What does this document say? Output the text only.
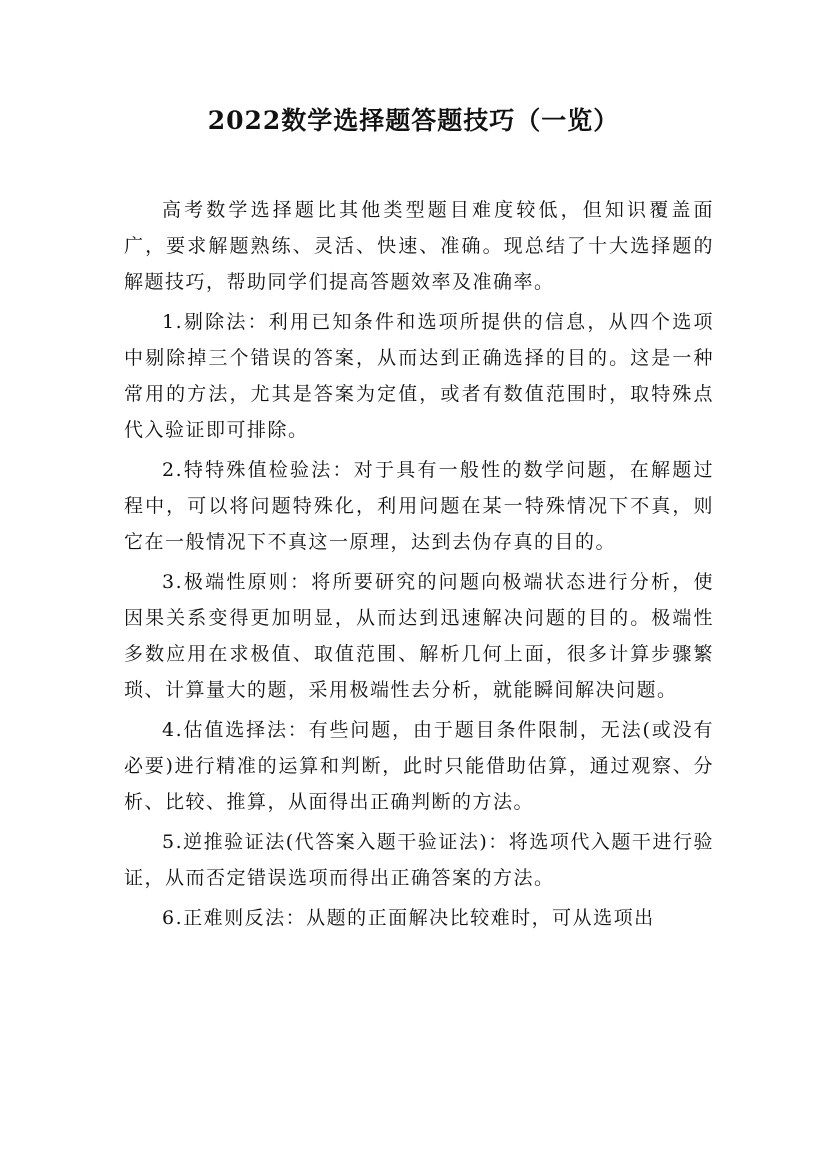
2022数学选择题答题技巧（一览）

高考数学选择题比其他类型题目难度较低，但知识覆盖面广，要求解题熟练、灵活、快速、准确。现总结了十大选择题的解题技巧，帮助同学们提高答题效率及准确率。

1.剔除法：利用已知条件和选项所提供的信息，从四个选项中剔除掉三个错误的答案，从而达到正确选择的目的。这是一种常用的方法，尤其是答案为定值，或者有数值范围时，取特殊点代入验证即可排除。

2.特特殊值检验法：对于具有一般性的数学问题，在解题过程中，可以将问题特殊化，利用问题在某一特殊情况下不真，则它在一般情况下不真这一原理，达到去伪存真的目的。

3.极端性原则：将所要研究的问题向极端状态进行分析，使因果关系变得更加明显，从而达到迅速解决问题的目的。极端性多数应用在求极值、取值范围、解析几何上面，很多计算步骤繁琐、计算量大的题，采用极端性去分析，就能瞬间解决问题。

4.估值选择法：有些问题，由于题目条件限制，无法(或没有必要)进行精准的运算和判断，此时只能借助估算，通过观察、分析、比较、推算，从面得出正确判断的方法。

5.逆推验证法(代答案入题干验证法)：将选项代入题干进行验证，从而否定错误选项而得出正确答案的方法。

6.正难则反法：从题的正面解决比较难时，可从选项出
